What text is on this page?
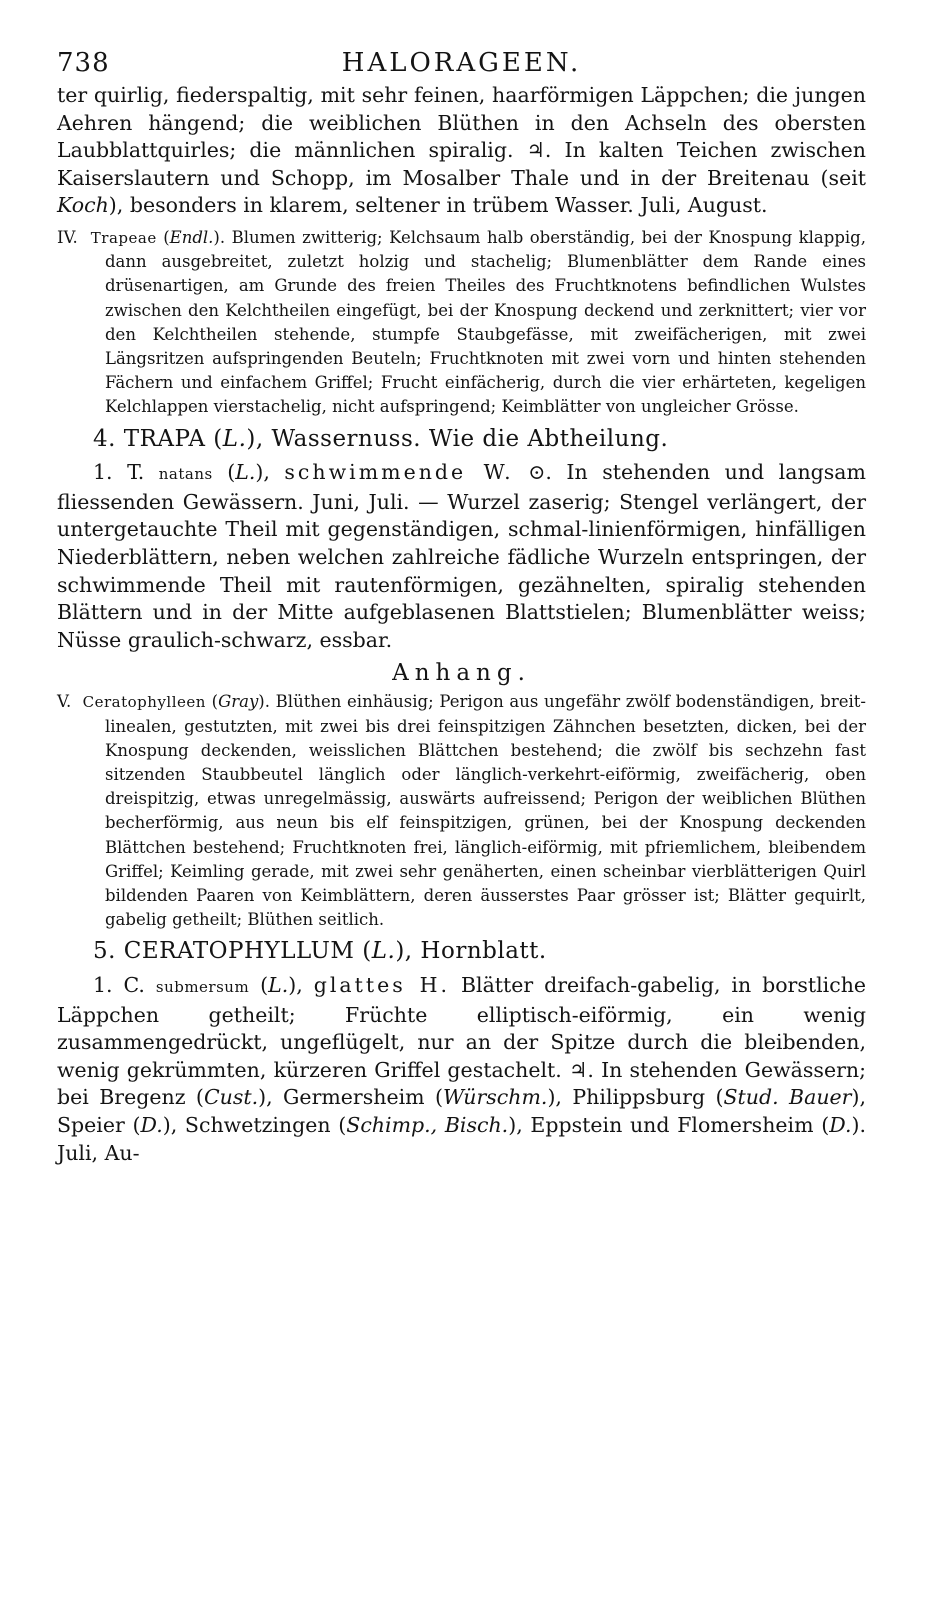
738	HALORAGEEN.

ter quirlig, fiederspaltig, mit sehr feinen, haarförmigen Läppchen; die jungen Aehren hängend; die weiblichen Blüthen in den Achseln des obersten Laubblattquirles; die männlichen spiralig. ♃. In kalten Teichen zwischen Kaiserslautern und Schopp, im Mosalber Thale und in der Breitenau (seit Koch), besonders in klarem, seltener in trübem Wasser. Juli, August.

IV. Trapeae (Endl.). Blumen zwitterig; Kelchsaum halb oberständig, bei der Knospung klappig, dann ausgebreitet, zuletzt holzig und stachelig; Blumenblätter dem Rande eines drüsenartigen, am Grunde des freien Theiles des Fruchtknotens befindlichen Wulstes zwischen den Kelchtheilen eingefügt, bei der Knospung deckend und zerknittert; vier vor den Kelchtheilen stehende, stumpfe Staubgefässe, mit zweifächerigen, mit zwei Längsritzen aufspringenden Beuteln; Fruchtknoten mit zwei vorn und hinten stehenden Fächern und einfachem Griffel; Frucht einfächerig, durch die vier erhärteten, kegeligen Kelchlappen vierstachelig, nicht aufspringend; Keimblätter von ungleicher Grösse.

4. TRAPA (L.), Wassernuss. Wie die Abtheilung.

1. T. natans (L.), schwimmende W. ⊙. In stehenden und langsam fliessenden Gewässern. Juni, Juli. — Wurzel zaserig; Stengel verlängert, der untergetauchte Theil mit gegenständigen, schmal-linienförmigen, hinfälligen Niederblättern, neben welchen zahlreiche fädliche Wurzeln entspringen, der schwimmende Theil mit rautenförmigen, gezähnelten, spiralig stehenden Blättern und in der Mitte aufgeblasenen Blattstielen; Blumenblätter weiss; Nüsse graulich-schwarz, essbar.

Anhang.

V. Ceratophylleen (Gray). Blüthen einhäusig; Perigon aus ungefähr zwölf bodenständigen, breit-linealen, gestutzten, mit zwei bis drei feinspitzigen Zähnchen besetzten, dicken, bei der Knospung deckenden, weisslichen Blättchen bestehend; die zwölf bis sechzehn fast sitzenden Staubbeutel länglich oder länglich-verkehrt-eiförmig, zweifächerig, oben dreispitzig, etwas unregelmässig, auswärts aufreissend; Perigon der weiblichen Blüthen becherförmig, aus neun bis elf feinspitzigen, grünen, bei der Knospung deckenden Blättchen bestehend; Fruchtknoten frei, länglich-eiförmig, mit pfriemlichem, bleibendem Griffel; Keimling gerade, mit zwei sehr genäherten, einen scheinbar vierblätterigen Quirl bildenden Paaren von Keimblättern, deren äusserstes Paar grösser ist; Blätter gequirlt, gabelig getheilt; Blüthen seitlich.

5. CERATOPHYLLUM (L.), Hornblatt.

1. C. submersum (L.), glattes H. Blätter dreifach-gabelig, in borstliche Läppchen getheilt; Früchte elliptisch-eiförmig, ein wenig zusammengedrückt, ungeflügelt, nur an der Spitze durch die bleibenden, wenig gekrümmten, kürzeren Griffel gestachelt. ♃. In stehenden Gewässern; bei Bregenz (Cust.), Germersheim (Würschm.), Philippsburg (Stud. Bauer), Speier (D.), Schwetzingen (Schimp., Bisch.), Eppstein und Flomersheim (D.). Juli, Au-
